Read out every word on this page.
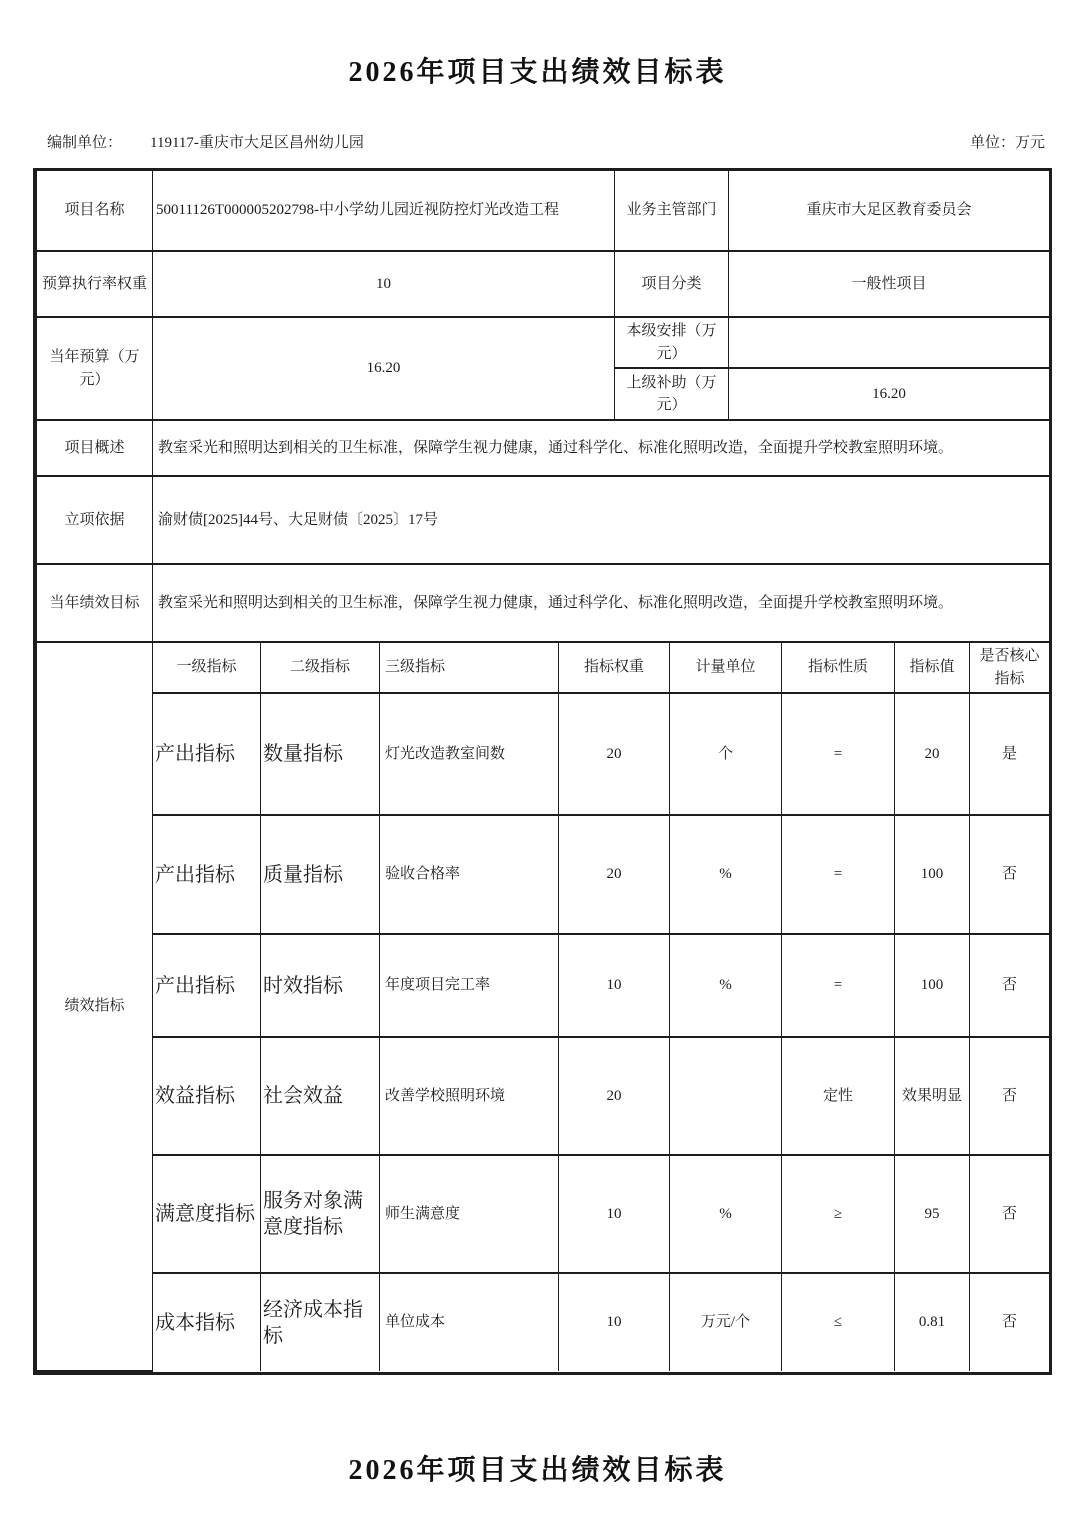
2026年项目支出绩效目标表
编制单位： 119117-重庆市大足区昌州幼儿园	单位：万元
项目名称	50011126T000005202798-中小学幼儿园近视防控灯光改造工程	业务主管部门	重庆市大足区教育委员会
预算执行率权重	10	项目分类	一般性项目
当年预算（万元）	16.20	本级安排（万元）	
		上级补助（万元）	16.20
项目概述	教室采光和照明达到相关的卫生标准，保障学生视力健康，通过科学化、标准化照明改造，全面提升学校教室照明环境。		
立项依据	渝财债[2025]44号、大足财债〔2025〕17号		
当年绩效目标	教室采光和照明达到相关的卫生标准，保障学生视力健康，通过科学化、标准化照明改造，全面提升学校教室照明环境。		
绩效指标	一级指标	二级指标	三级指标	指标权重	计量单位	指标性质	指标值	是否核心指标
	产出指标	数量指标	灯光改造教室间数	20	个	=	20	是
	产出指标	质量指标	验收合格率	20	%	=	100	否
	产出指标	时效指标	年度项目完工率	10	%	=	100	否
	效益指标	社会效益	改善学校照明环境	20		定性	效果明显	否
	满意度指标	服务对象满意度指标	师生满意度	10	%	≥	95	否
	成本指标	经济成本指标	单位成本	10	万元/个	≤	0.81	否
2026年项目支出绩效目标表
